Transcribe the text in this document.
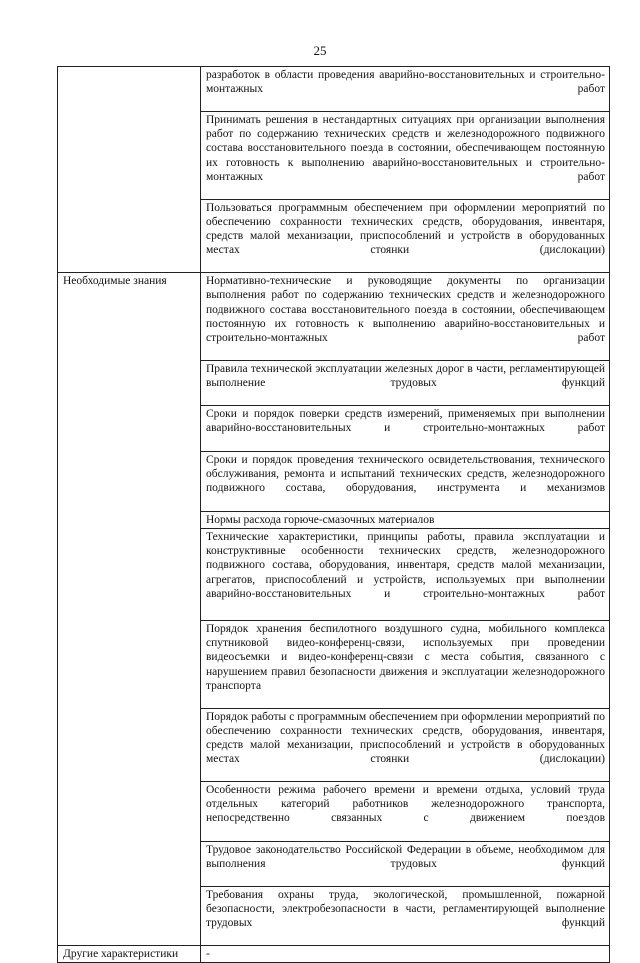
25

	разработок в области проведения аварийно-восстановительных и строительно-монтажных работ

	Принимать решения в нестандартных ситуациях при организации выполнения работ по содержанию технических средств и железнодорожного подвижного состава восстановительного поезда в состоянии, обеспечивающем постоянную их готовность к выполнению аварийно-восстановительных и строительно-монтажных работ

	Пользоваться программным обеспечением при оформлении мероприятий по обеспечению сохранности технических средств, оборудования, инвентаря, средств малой механизации, приспособлений и устройств в оборудованных местах стоянки (дислокации)

Необходимые знания	Нормативно-технические и руководящие документы по организации выполнения работ по содержанию технических средств и железнодорожного подвижного состава восстановительного поезда в состоянии, обеспечивающем постоянную их готовность к выполнению аварийно-восстановительных и строительно-монтажных работ

	Правила технической эксплуатации железных дорог в части, регламентирующей выполнение трудовых функций

	Сроки и порядок поверки средств измерений, применяемых при выполнении аварийно-восстановительных и строительно-монтажных работ

	Сроки и порядок проведения технического освидетельствования, технического обслуживания, ремонта и испытаний технических средств, железнодорожного подвижного состава, оборудования, инструмента и механизмов

	Нормы расхода горюче-смазочных материалов

	Технические характеристики, принципы работы, правила эксплуатации и конструктивные особенности технических средств, железнодорожного подвижного состава, оборудования, инвентаря, средств малой механизации, агрегатов, приспособлений и устройств, используемых при выполнении аварийно-восстановительных и строительно-монтажных работ

	Порядок хранения беспилотного воздушного судна, мобильного комплекса спутниковой видео-конференц-связи, используемых при проведении видеосъемки и видео-конференц-связи с места события, связанного с нарушением правил безопасности движения и эксплуатации железнодорожного транспорта

	Порядок работы с программным обеспечением при оформлении мероприятий по обеспечению сохранности технических средств, оборудования, инвентаря, средств малой механизации, приспособлений и устройств в оборудованных местах стоянки (дислокации)

	Особенности режима рабочего времени и времени отдыха, условий труда отдельных категорий работников железнодорожного транспорта, непосредственно связанных с движением поездов

	Трудовое законодательство Российской Федерации в объеме, необходимом для выполнения трудовых функций

	Требования охраны труда, экологической, промышленной, пожарной безопасности, электробезопасности в части, регламентирующей выполнение трудовых функций

Другие характеристики	-
